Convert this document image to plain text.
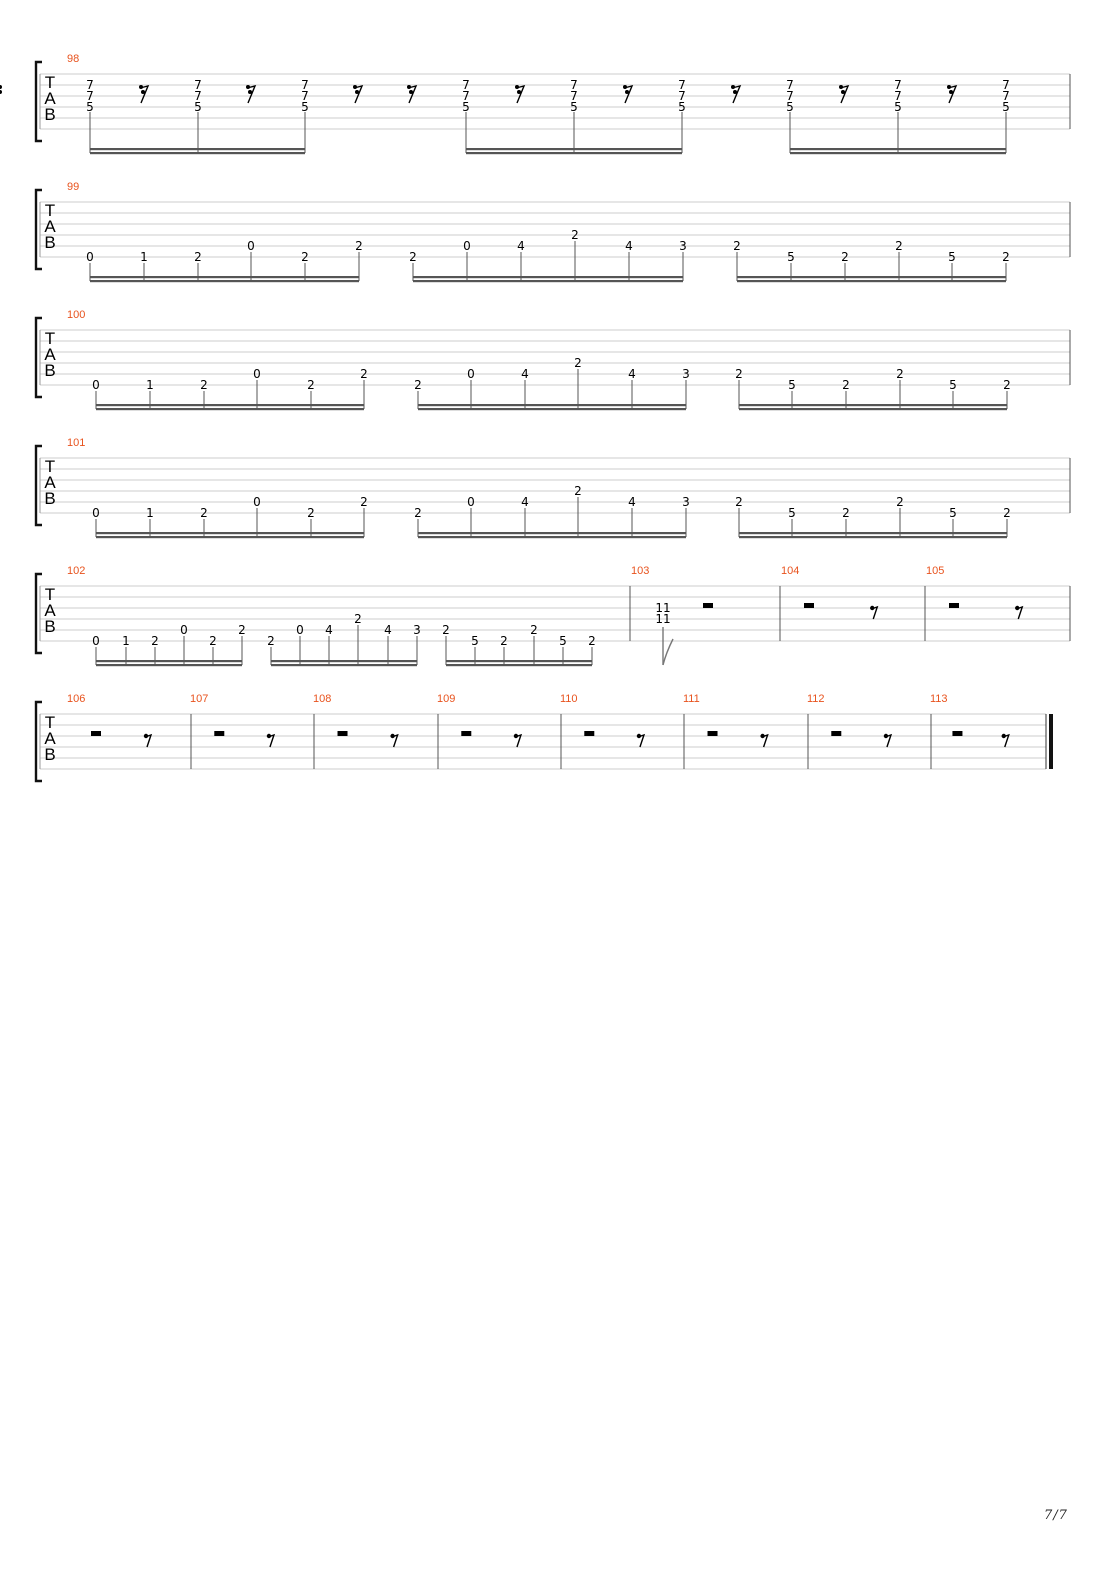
T
A
B
98
7
7
5
7
7
5
7
7
5
7
7
5
7
7
5
7
7
5
7
7
5
7
7
5
7
7
5
T
A
B
99
0	1	2
0
2
2
2
0	4
2
4	3	2
5	2
2
5	2
T
A
B
100
0	1	2
0
2
2
2
0	4
2
4	3	2
5	2
2
5	2
T
A
B
101
0	1	2
0
2
2
2
0	4
2
4	3	2
5	2
2
5	2
T
A
B
102
0 1 2
0
2
2
2
0 4
2
4 3 2
5 2
2
5 2
103
11
11
104	105
T
A
B
106	107	108	109	110	111	112	113
7/7
